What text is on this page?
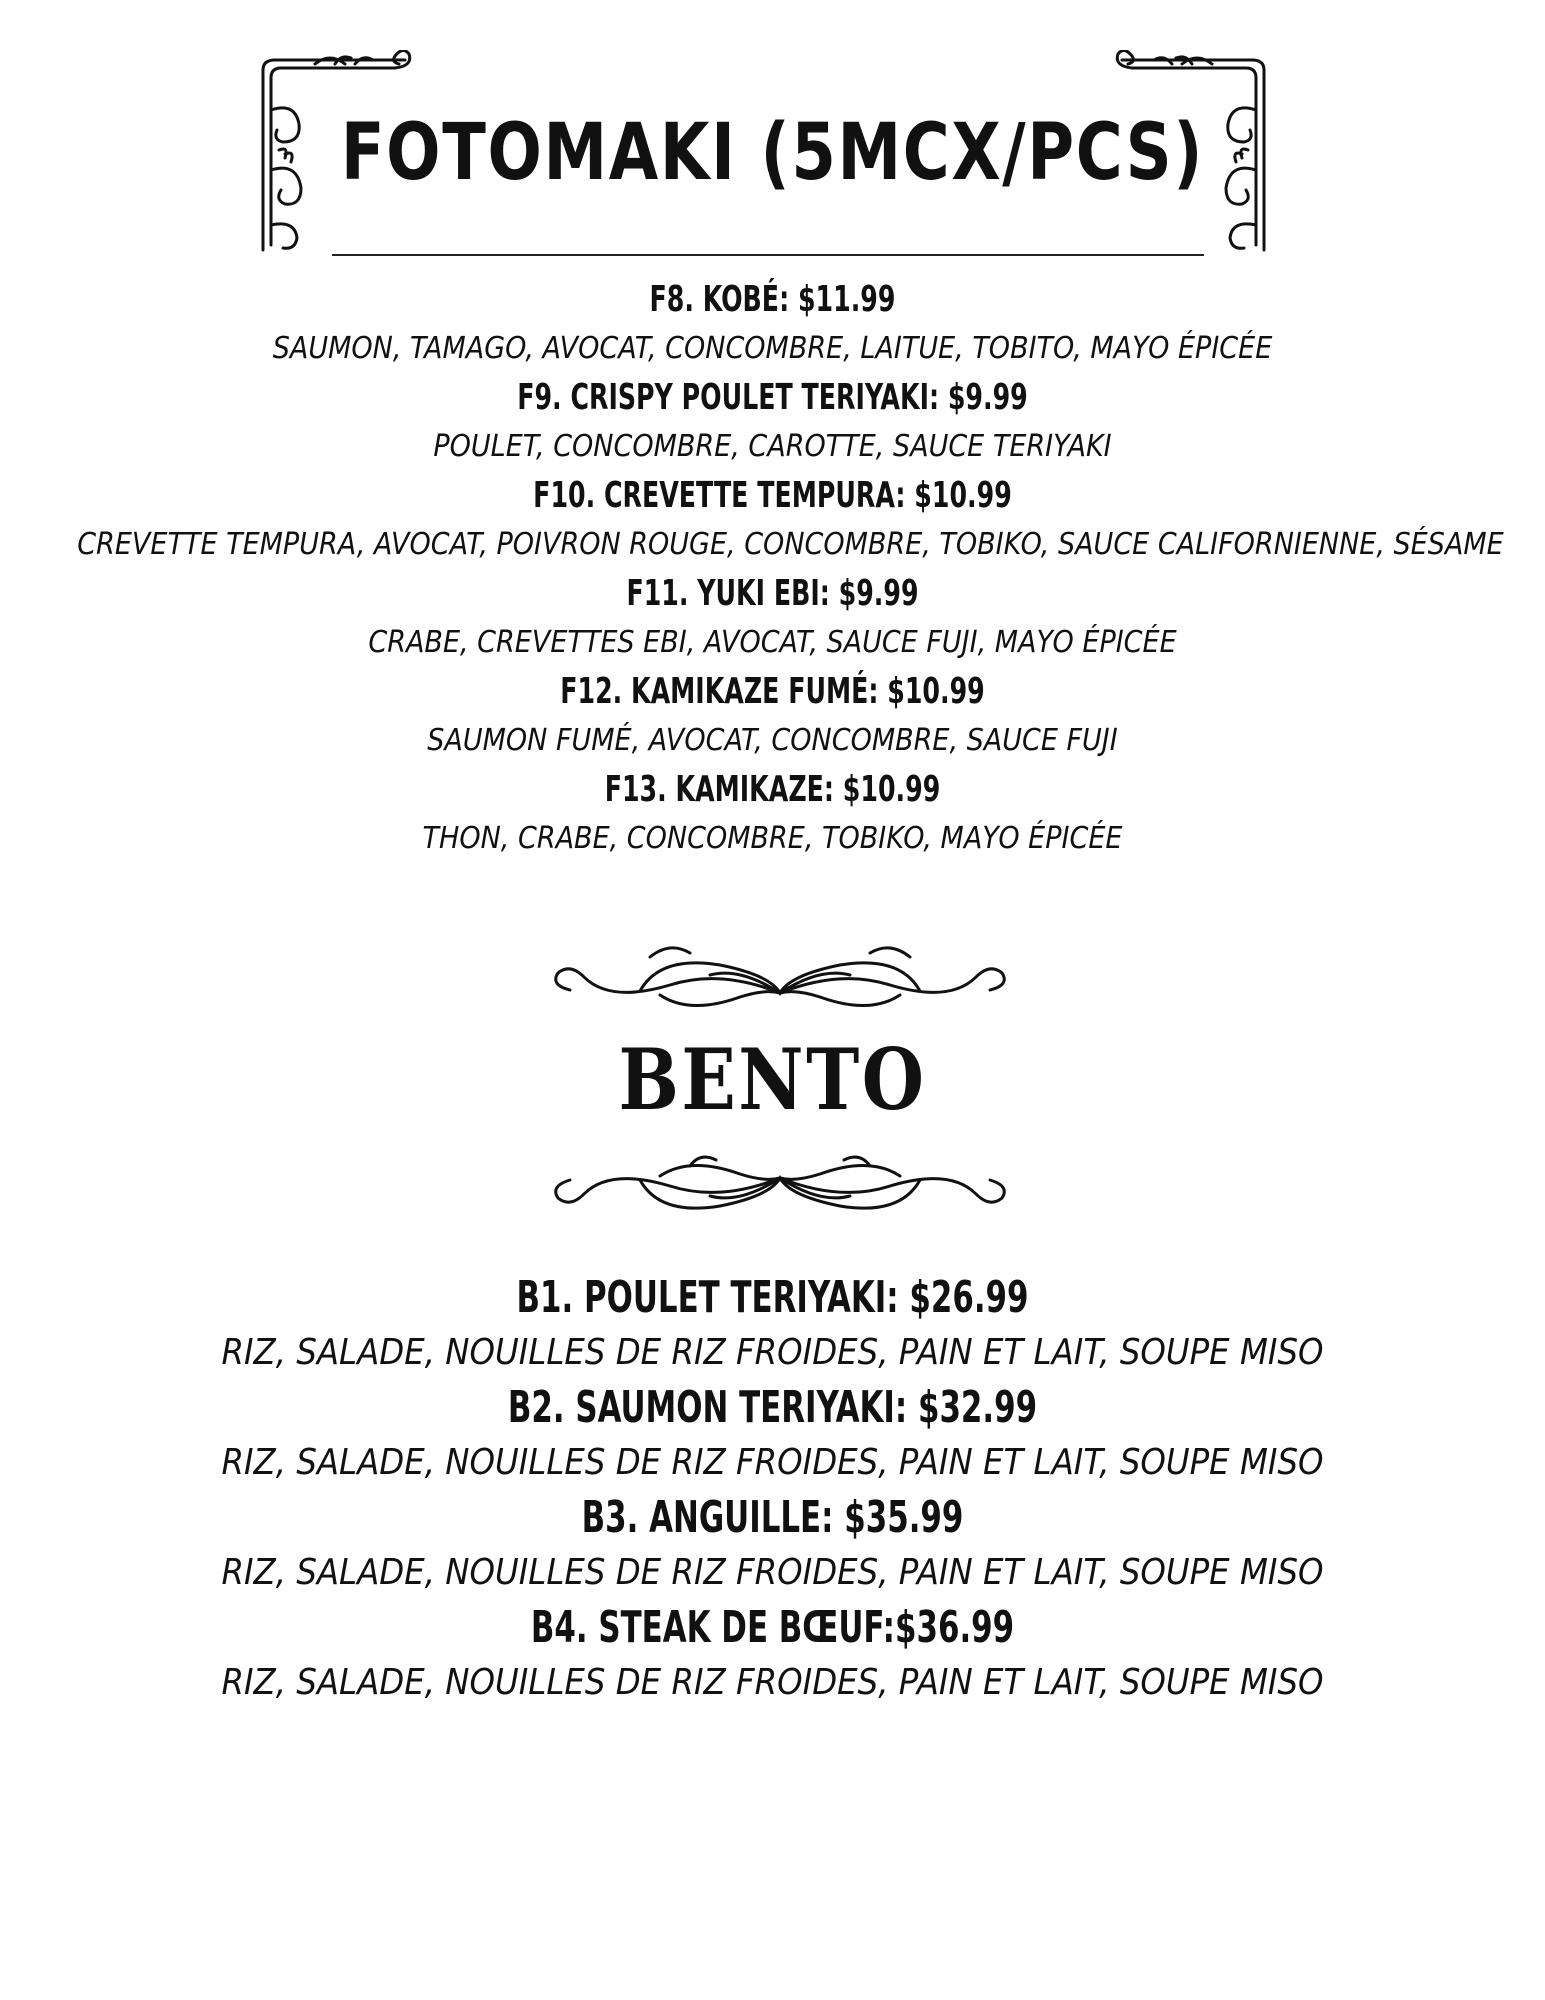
FOTOMAKI (5MCX/PCS)
F8. KOBÉ: $11.99
SAUMON, TAMAGO, AVOCAT, CONCOMBRE, LAITUE, TOBITO, MAYO ÉPICÉE
F9. CRISPY POULET TERIYAKI: $9.99
POULET, CONCOMBRE, CAROTTE, SAUCE TERIYAKI
F10. CREVETTE TEMPURA: $10.99
CREVETTE TEMPURA, AVOCAT, POIVRON ROUGE, CONCOMBRE, TOBIKO, SAUCE CALIFORNIENNE, SÉSAME
F11. YUKI EBI: $9.99
CRABE, CREVETTES EBI, AVOCAT, SAUCE FUJI, MAYO ÉPICÉE
F12. KAMIKAZE FUMÉ: $10.99
SAUMON FUMÉ, AVOCAT, CONCOMBRE, SAUCE FUJI
F13. KAMIKAZE: $10.99
THON, CRABE, CONCOMBRE, TOBIKO, MAYO ÉPICÉE
BENTO
B1. POULET TERIYAKI: $26.99
RIZ, SALADE, NOUILLES DE RIZ FROIDES, PAIN ET LAIT, SOUPE MISO
B2. SAUMON TERIYAKI: $32.99
RIZ, SALADE, NOUILLES DE RIZ FROIDES, PAIN ET LAIT, SOUPE MISO
B3. ANGUILLE: $35.99
RIZ, SALADE, NOUILLES DE RIZ FROIDES, PAIN ET LAIT, SOUPE MISO
B4. STEAK DE BŒUF:$36.99
RIZ, SALADE, NOUILLES DE RIZ FROIDES, PAIN ET LAIT, SOUPE MISO
